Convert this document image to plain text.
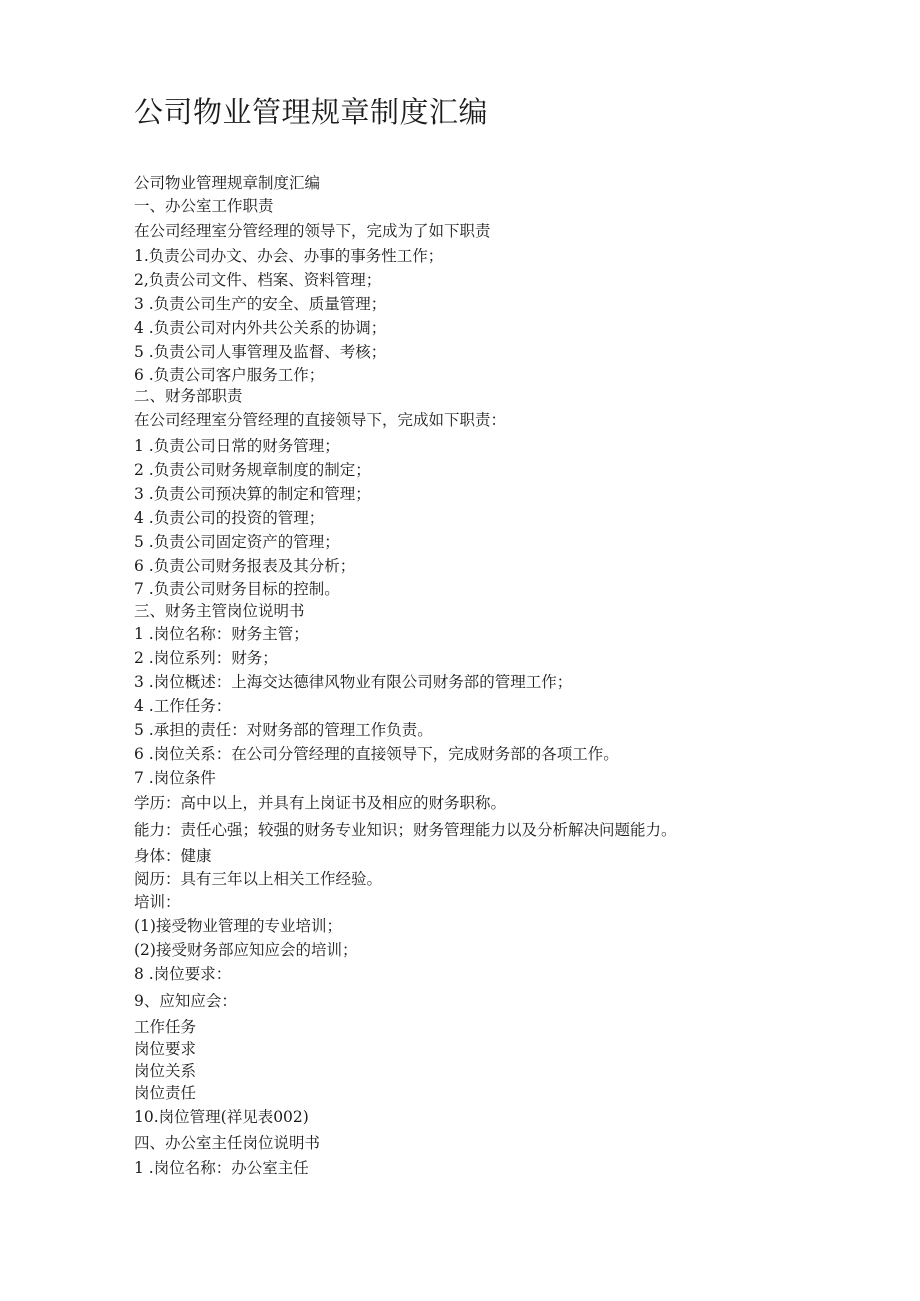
公司物业管理规章制度汇编

公司物业管理规章制度汇编

一、办公室工作职责

在公司经理室分管经理的领导下，完成为了如下职责

1.负责公司办文、办会、办事的事务性工作；

2,负责公司文件、档案、资料管理；

3 .负责公司生产的安全、质量管理；

4 .负责公司对内外共公关系的协调；

5 .负责公司人事管理及监督、考核；

6 .负责公司客户服务工作；

二、财务部职责

在公司经理室分管经理的直接领导下，完成如下职责：

1 .负责公司日常的财务管理；

2 .负责公司财务规章制度的制定；

3 .负责公司预决算的制定和管理；

4 .负责公司的投资的管理；

5 .负责公司固定资产的管理；

6 .负责公司财务报表及其分析；

7 .负责公司财务目标的控制。

三、财务主管岗位说明书

1 .岗位名称：财务主管；

2 .岗位系列：财务；

3 .岗位概述：上海交达德律风物业有限公司财务部的管理工作；

4 .工作任务：

5 .承担的责任：对财务部的管理工作负责。

6 .岗位关系：在公司分管经理的直接领导下，完成财务部的各项工作。

7 .岗位条件

学历：高中以上，并具有上岗证书及相应的财务职称。

能力：责任心强；较强的财务专业知识；财务管理能力以及分析解决问题能力。

身体：健康

阅历：具有三年以上相关工作经验。

培训：

(1)接受物业管理的专业培训；

(2)接受财务部应知应会的培训；

8 .岗位要求：

9、应知应会：

工作任务

岗位要求

岗位关系

岗位责任

10.岗位管理(祥见表002)

四、办公室主任岗位说明书

1 .岗位名称：办公室主任
